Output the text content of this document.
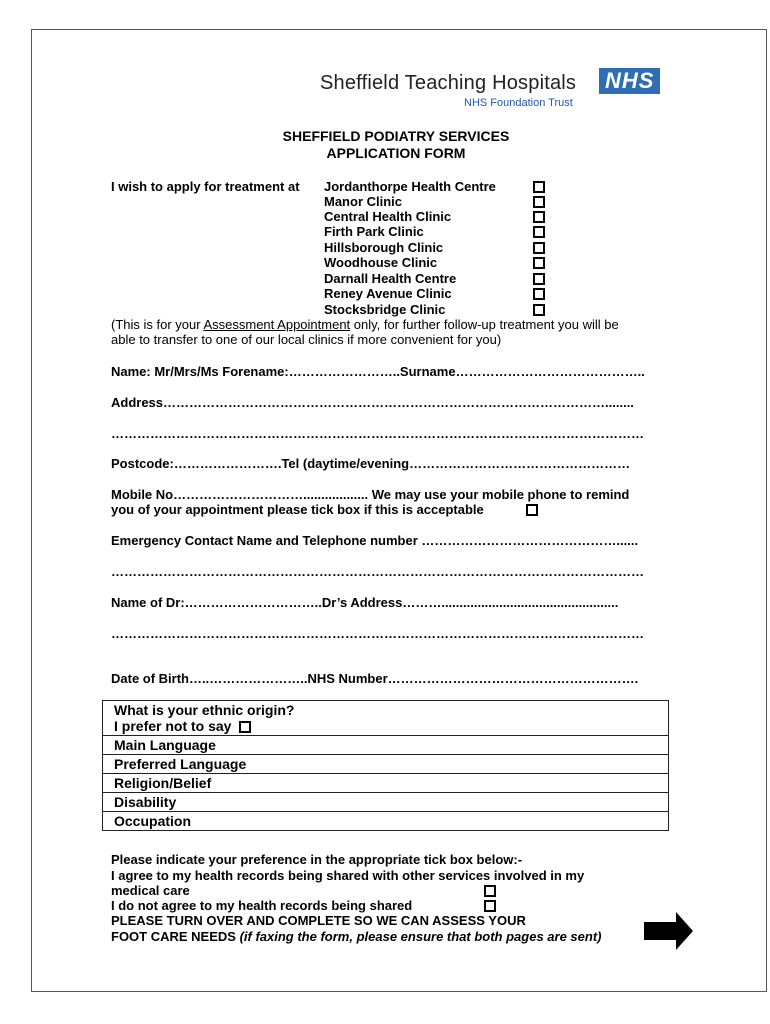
Sheffield Teaching Hospitals
NHS Foundation Trust
NHS
SHEFFIELD PODIATRY SERVICES
APPLICATION FORM
I wish to apply for treatment at Jordanthorpe Health Centre
Manor Clinic
Central Health Clinic
Firth Park Clinic
Hillsborough Clinic
Woodhouse Clinic
Darnall Health Centre
Reney Avenue Clinic
Stocksbridge Clinic
(This is for your Assessment Appointment only, for further follow-up treatment you will be
able to transfer to one of our local clinics if more convenient for you)
Name: Mr/Mrs/Ms Forename:……………………..Surname……………………………………..
Address…………………………………………………………………………………………........
……………………………………………………………………………………………………………
Postcode:…………………….Tel (daytime/evening……………………………………………
Mobile No………………………….................. We may use your mobile phone to remind
you of your appointment please tick box if this is acceptable
Emergency Contact Name and Telephone number ………………………………………......
……………………………………………………………………………………………………………
Name of Dr:…………………………..Dr’s Address……….................................................
……………………………………………………………………………………………………………
Date of Birth…..…………………..NHS Number………………………………………………….
What is your ethnic origin?
I prefer not to say

Main Language
Preferred Language
Religion/Belief
Disability
Occupation
Please indicate your preference in the appropriate tick box below:-
I agree to my health records being shared with other services involved in my
medical care
I do not agree to my health records being shared
PLEASE TURN OVER AND COMPLETE SO WE CAN ASSESS YOUR
FOOT CARE NEEDS (if faxing the form, please ensure that both pages are sent)
